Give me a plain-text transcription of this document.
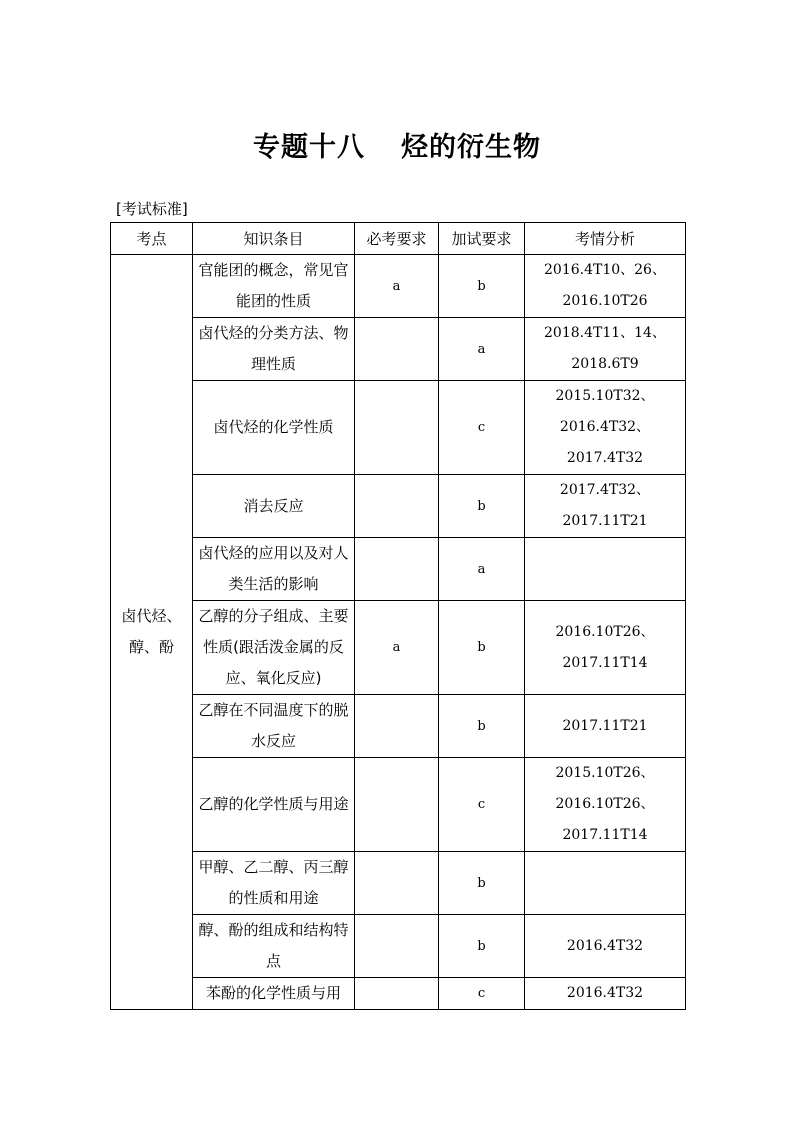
专题十八 烃的衍生物
[考试标准]
考点	知识条目	必考要求	加试要求	考情分析

卤代烃、醇、酚	官能团的概念，常见官能团的性质	a	b	2016.4T10、26、2016.10T26

	卤代烃的分类方法、物理性质		a	2018.4T11、14、2018.6T9

	卤代烃的化学性质		c	2015.10T32、2016.4T32、2017.4T32

	消去反应		b	2017.4T32、2017.11T21

	卤代烃的应用以及对人类生活的影响		a	
	乙醇的分子组成、主要性质(跟活泼金属的反应、氧化反应)	a	b	2016.10T26、2017.11T14

	乙醇在不同温度下的脱水反应		b	2017.11T21
	乙醇的化学性质与用途		c	2015.10T26、2016.10T26、2017.11T14

	甲醇、乙二醇、丙三醇的性质和用途		b	
	醇、酚的组成和结构特点		b	2016.4T32
	苯酚的化学性质与用		c	2016.4T32
